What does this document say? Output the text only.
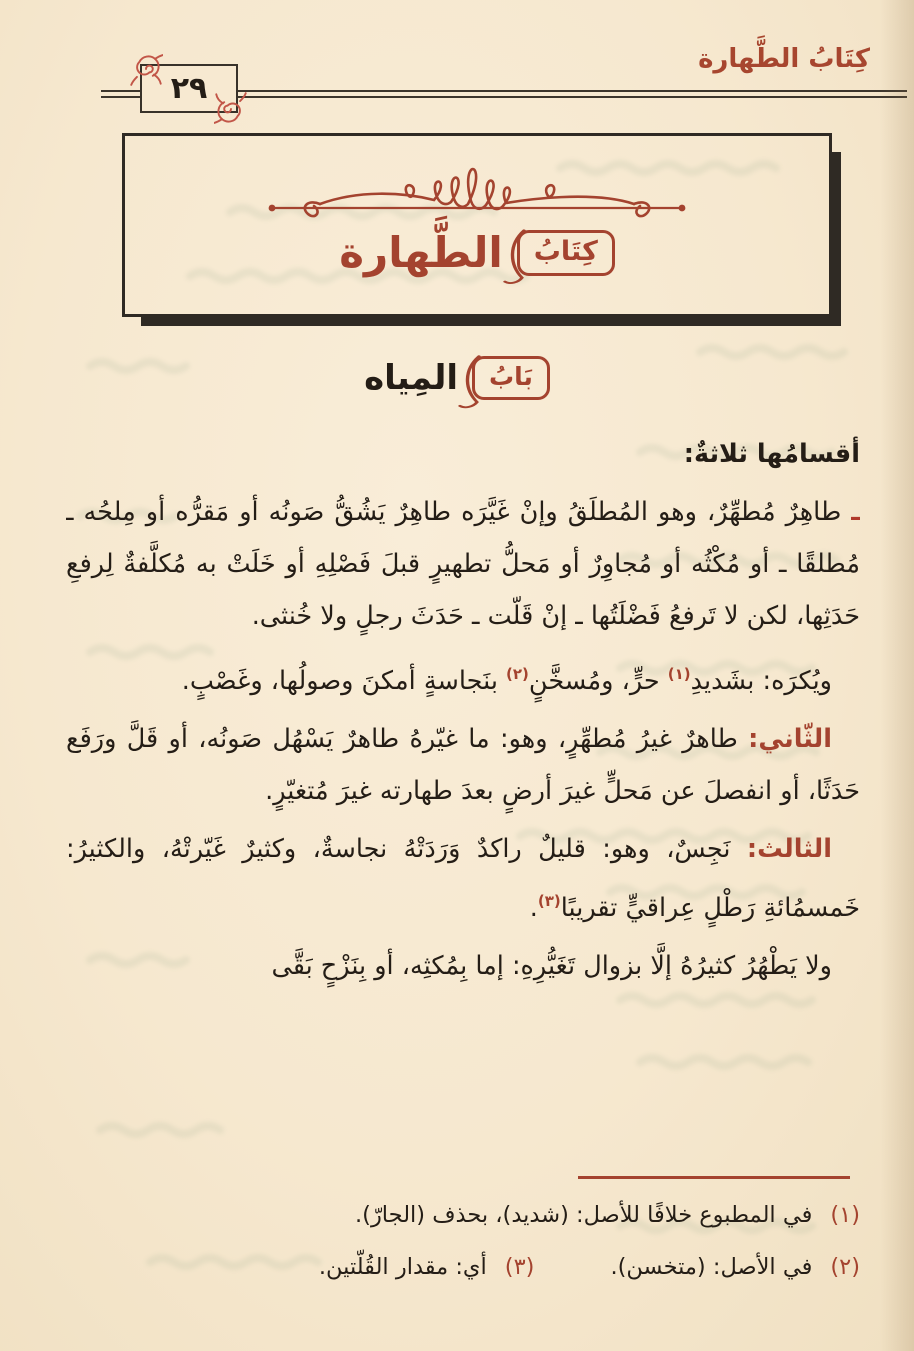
كِتَابُ الطَّهارة
٢٩
كِتَابُ
الطَّهارة
بَابُ
المِياه

أقسامُها ثلاثةٌ:

ـ طاهِرٌ مُطهِّرٌ، وهو المُطلَقُ وإنْ غَيَّرَه طاهِرٌ يَشُقُّ صَونُه أو مَقرُّه أو مِلحُه ـ مُطلقًا ـ أو مُكْثُه أو مُجاوِرٌ أو مَحلُّ تطهيرٍ قبلَ فَصْلِهِ أو خَلَتْ به مُكلَّفةٌ لِرفعِ حَدَثِها، لكن لا تَرفعُ فَضْلَتُها ـ إنْ قَلّت ـ حَدَثَ رجلٍ ولا خُنثى.

ويُكرَه: بشَديدِ$^{(١)}$ حرٍّ، ومُسخَّنٍ$^{(٢)}$ بنَجاسةٍ أمكنَ وصولُها، وغَصْبٍ.

الثّاني: طاهرٌ غيرُ مُطهِّرٍ، وهو: ما غيّرهُ طاهرٌ يَسْهُل صَونُه، أو قَلَّ ورَفَع حَدَثًا، أو انفصلَ عن مَحلٍّ غيرَ أرضٍ بعدَ طهارته غيرَ مُتغيّرٍ.

الثالث: نَجِسٌ، وهو: قليلٌ راكدٌ وَرَدَتْهُ نجاسةٌ، وكثيرٌ غَيّرتْهُ، والكثيرُ: خَمسمُائةِ رَطْلٍ عِراقيٍّ تقريبًا$^{(٣)}$.

ولا يَطْهُرُ كثيرُهُ إلَّا بزوال تَغَيُّرِهِ: إما بِمُكثِه، أو بِنَزْحٍ بَقَّى

(١)
في المطبوع خلافًا للأصل: (شديد)، بحذف (الجارّ).
(٢)
في الأصل: (متخسن).
(٣)
أي: مقدار القُلّتين.
